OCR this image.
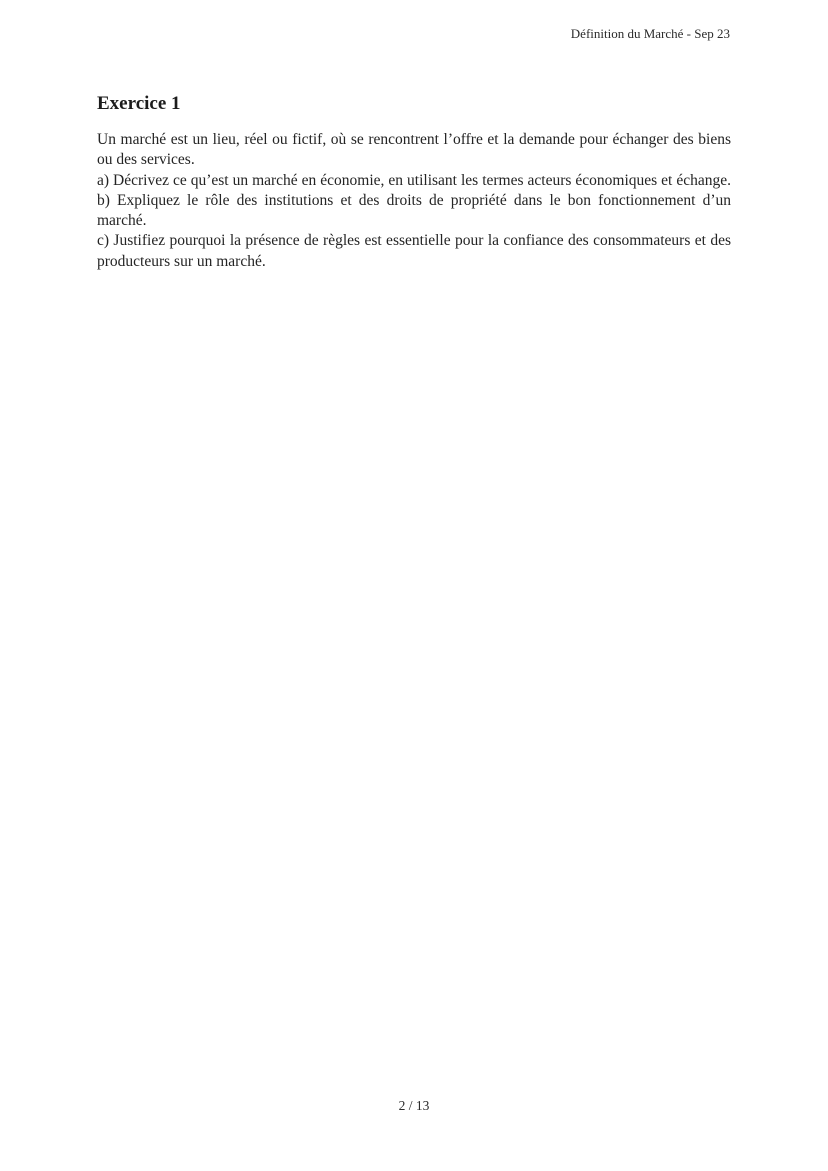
Définition du Marché - Sep 23
Exercice 1
Un marché est un lieu, réel ou fictif, où se rencontrent l’offre et la demande pour échanger des biens
ou des services.
a) Décrivez ce qu’est un marché en économie, en utilisant les termes acteurs économiques et échange.
b) Expliquez le rôle des institutions et des droits de propriété dans le bon fonctionnement d’un marché.
c) Justifiez pourquoi la présence de règles est essentielle pour la confiance des consommateurs et des
producteurs sur un marché.
2 / 13
